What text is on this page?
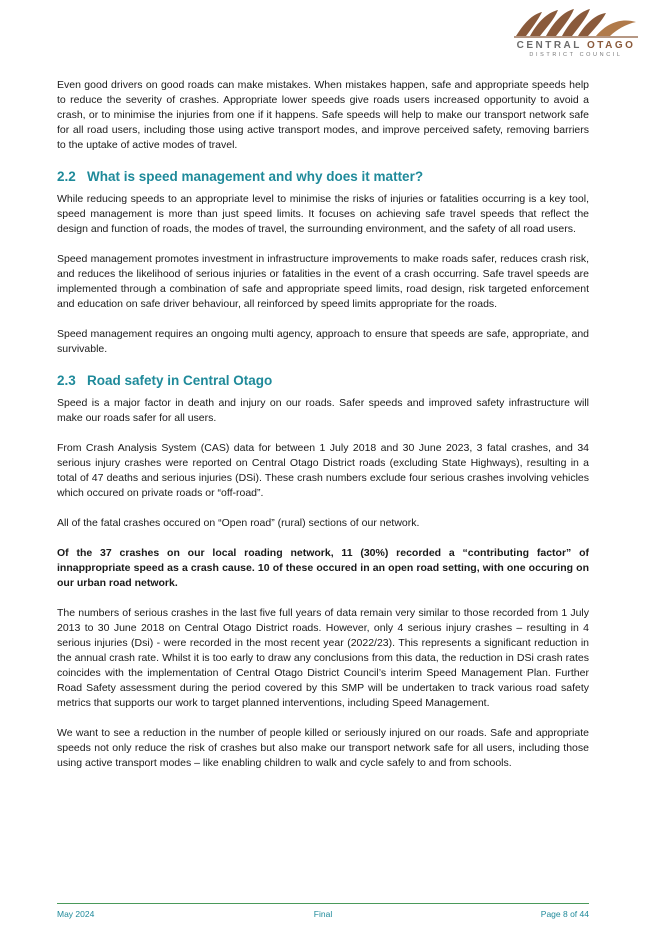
CENTRAL OTAGO
DISTRICT COUNCIL

Even good drivers on good roads can make mistakes. When mistakes happen, safe and appropriate speeds help to reduce the severity of crashes. Appropriate lower speeds give roads users increased opportunity to avoid a crash, or to minimise the injuries from one if it happens. Safe speeds will help to make our transport network safe for all road users, including those using active transport modes, and improve perceived safety, removing barriers to the uptake of active modes of travel.

2.2 What is speed management and why does it matter?

While reducing speeds to an appropriate level to minimise the risks of injuries or fatalities occurring is a key tool, speed management is more than just speed limits. It focuses on achieving safe travel speeds that reflect the design and function of roads, the modes of travel, the surrounding environment, and the safety of all road users.

Speed management promotes investment in infrastructure improvements to make roads safer, reduces crash risk, and reduces the likelihood of serious injuries or fatalities in the event of a crash occurring. Safe travel speeds are implemented through a combination of safe and appropriate speed limits, road design, risk targeted enforcement and education on safe driver behaviour, all reinforced by speed limits appropriate for the roads.

Speed management requires an ongoing multi agency, approach to ensure that speeds are safe, appropriate, and survivable.

2.3 Road safety in Central Otago

Speed is a major factor in death and injury on our roads. Safer speeds and improved safety infrastructure will make our roads safer for all users.

From Crash Analysis System (CAS) data for between 1 July 2018 and 30 June 2023, 3 fatal crashes, and 34 serious injury crashes were reported on Central Otago District roads (excluding State Highways), resulting in a total of 47 deaths and serious injuries (DSi). These crash numbers exclude four serious crashes involving vehicles which occured on private roads or “off-road”.

All of the fatal crashes occured on “Open road” (rural) sections of our network.

Of the 37 crashes on our local roading network, 11 (30%) recorded a “contributing factor” of innappropriate speed as a crash cause. 10 of these occured in an open road setting, with one occuring on our urban road network.

The numbers of serious crashes in the last five full years of data remain very similar to those recorded from 1 July 2013 to 30 June 2018 on Central Otago District roads. However, only 4 serious injury crashes – resulting in 4 serious injuries (Dsi) - were recorded in the most recent year (2022/23). This represents a significant reduction in the annual crash rate. Whilst it is too early to draw any conclusions from this data, the reduction in DSi crash rates coincides with the implementation of Central Otago District Council’s interim Speed Management Plan. Further Road Safety assessment during the period covered by this SMP will be undertaken to track various road safety metrics that supports our work to target planned interventions, including Speed Management.

We want to see a reduction in the number of people killed or seriously injured on our roads. Safe and appropriate speeds not only reduce the risk of crashes but also make our transport network safe for all users, including those using active transport modes – like enabling children to walk and cycle safely to and from schools.

May 2024	Final	Page 8 of 44
